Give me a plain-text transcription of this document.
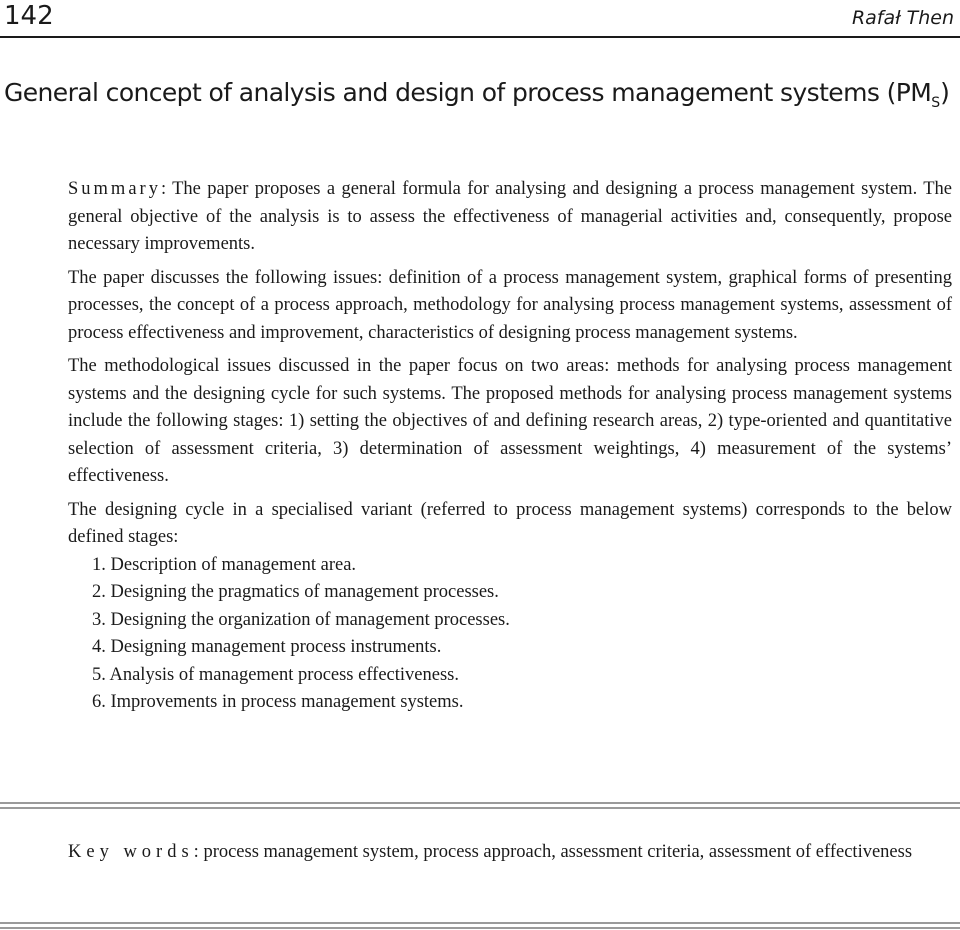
142	Rafał Then
General concept of analysis and design of process management systems $(PM_S)$

Summary: The paper proposes a general formula for analysing and designing a process management system. The general objective of the analysis is to assess the effectiveness of managerial activities and, consequently, propose necessary improvements.

The paper discusses the following issues: definition of a process management system, graphical forms of presenting processes, the concept of a process approach, methodology for analysing process management systems, assessment of process effectiveness and improvement, characteristics of designing process management systems.

The methodological issues discussed in the paper focus on two areas: methods for analysing process management systems and the designing cycle for such systems. The proposed methods for analysing process management systems include the following stages: 1) setting the objectives of and defining research areas, 2) type-oriented and quantitative selection of assessment criteria, 3) determination of assessment weightings, 4) measurement of the systems’ effectiveness.

The designing cycle in a specialised variant (referred to process management systems) corresponds to the below defined stages:

1. Description of management area.
2. Designing the pragmatics of management processes.
3. Designing the organization of management processes.
4. Designing management process instruments.
5. Analysis of management process effectiveness.
6. Improvements in process management systems.

Key words: process management system, process approach, assessment criteria, assessment of effectiveness
